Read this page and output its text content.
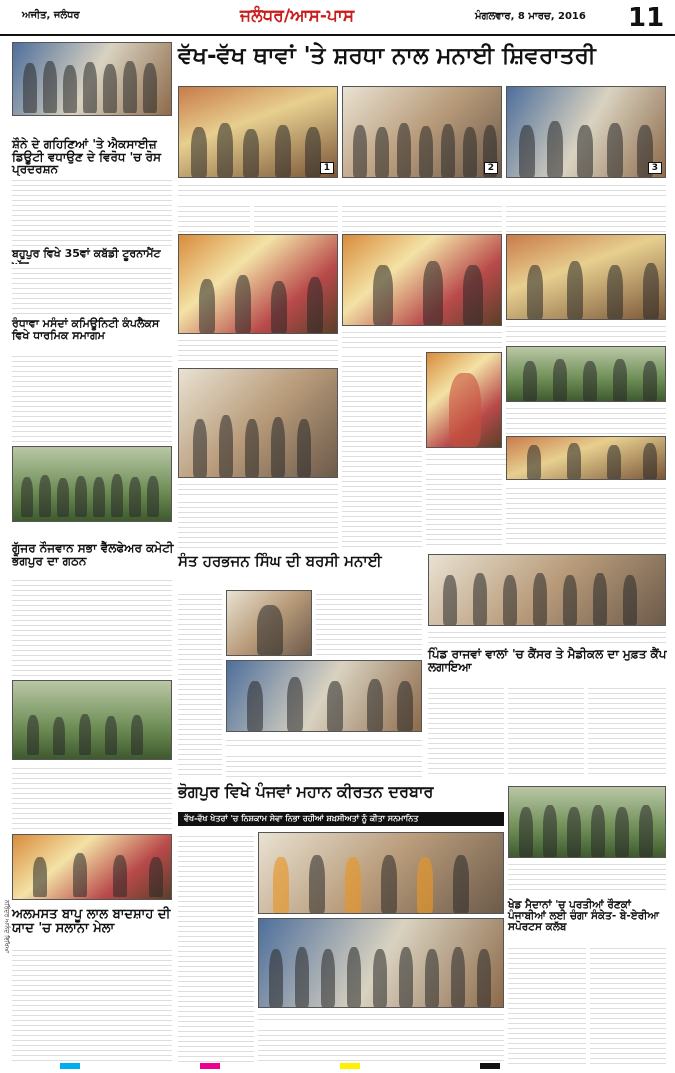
ਅਜੀਤ, ਜਲੰਧਰ	ਜਲੰਧਰ/ਆਸ-ਪਾਸ	ਮੰਗਲਵਾਰ, 8 ਮਾਰਚ, 2016 11
ਵੱਖ-ਵੱਖ ਥਾਵਾਂ 'ਤੇ ਸ਼ਰਧਾ ਨਾਲ ਮਨਾਈ ਸ਼ਿਵਰਾਤਰੀ

ਸ਼ੌਨੇ ਦੇ ਗਹਿਣਿਆਂ 'ਤੇ ਐਕਸਾਈਜ਼ ਡਿਊਟੀ ਵਧਾਉਣ ਦੇ ਵਿਰੋਧ 'ਚ ਰੋਸ ਪ੍ਰਦਰਸ਼ਨ
ਬਹੁਪੁਰ ਵਿਖੇ 35ਵਾਂ ਕਬੱਡੀ ਟੂਰਨਾਮੈਂਟ
ਰੰਧਾਵਾ ਮਸੰਦਾਂ ਕਮਿਊਨਿਟੀ ਕੰਪਲੈਕਸ ਵਿਖੇ ਧਾਰਮਿਕ ਸਮਾਗਮ

ਗੁੱਜਰ ਨੌਜਵਾਨ ਸਭਾ ਵੈੱਲਫੇਅਰ ਕਮੇਟੀ ਭੋਗਪੁਰ ਦਾ ਗਠਨ
ਅਲਮਸਤ ਬਾਪੂ ਲਾਲ ਬਾਦਸ਼ਾਹ ਦੀ ਯਾਦ 'ਚ ਸਲਾਨਾ ਮੇਲਾ
ਨਰਿੰਦਰ ਆਨੰਦ ਵਿਖਿਆ
1	2	3
ਸੰਤ ਹਰਭਜਨ ਸਿੰਘ ਦੀ ਬਰਸੀ ਮਨਾਈ
ਪਿੰਡ ਰਾਜਵਾਂ ਵਾਲਾਂ 'ਚ ਕੈਂਸਰ ਤੇ ਮੈਡੀਕਲ ਦਾ ਮੁਫ਼ਤ ਕੈਂਪ ਲਗਾਇਆ
ਭੋਗਪੁਰ ਵਿਖੇ ਪੰਜਵਾਂ ਮਹਾਨ ਕੀਰਤਨ ਦਰਬਾਰ
ਵੱਖ-ਵੱਖ ਖੇਤਰਾਂ 'ਚ ਨਿਸ਼ਕਾਮ ਸੇਵਾ ਨਿਭਾ ਰਹੀਆਂ ਸ਼ਖ਼ਸੀਅਤਾਂ ਨੂੰ ਕੀਤਾ ਸਨਮਾਨਿਤ
ਖੇਡ ਮੈਦਾਨਾਂ 'ਚ ਪਰਤੀਆਂ ਰੌਣਕਾਂ ਪੰਜਾਬੀਆਂ ਲਈ ਚੰਗਾ ਸੰਕੇਤ- ਬੇ-ਏਰੀਆ ਸਪੋਰਟਸ ਕਲੱਬ
